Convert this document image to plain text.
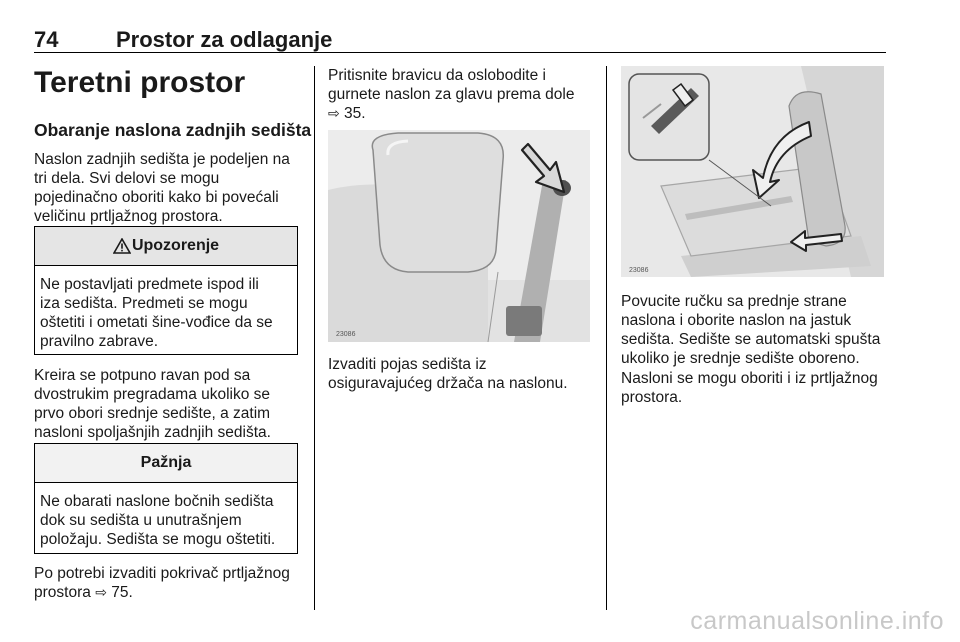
74	Prostor za odlaganje
Teretni prostor
Obaranje naslona zadnjih sedišta
Naslon zadnjih sedišta je podeljen na
tri dela. Svi delovi se mogu
pojedinačno oboriti kako bi povećali
veličinu prtljažnog prostora.
Upozorenje
Ne postavljati predmete ispod ili
iza sedišta. Predmeti se mogu
oštetiti i ometati šine-vođice da se
pravilno zabrave.
Kreira se potpuno ravan pod sa
dvostrukim pregradama ukoliko se
prvo obori srednje sedište, a zatim
nasloni spoljašnjih zadnjih sedišta.
Pažnja
Ne obarati naslone bočnih sedišta
dok su sedišta u unutrašnjem
položaju. Sedišta se mogu oštetiti.
Po potrebi izvaditi pokrivač prtljažnog
prostora ⇨ 75.
Pritisnite bravicu da oslobodite i
gurnete naslon za glavu prema dole
⇨ 35.
23086
Izvaditi pojas sedišta iz
osiguravajućeg držača na naslonu.
23086
Povucite ručku sa prednje strane
naslona i oborite naslon na jastuk
sedišta. Sedište se automatski spušta
ukoliko je srednje sedište oboreno.
Nasloni se mogu oboriti i iz prtljažnog
prostora.
carmanualsonline.info
